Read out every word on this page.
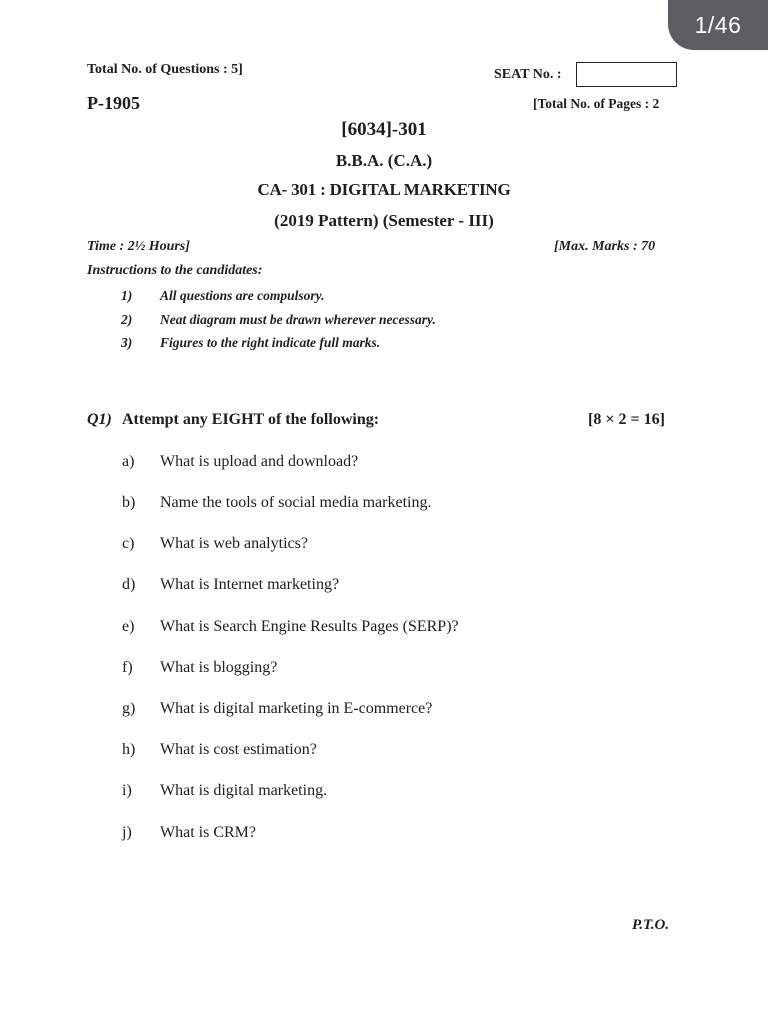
1/46
Total No. of Questions : 5]	SEAT No. :
P-1905	[Total No. of Pages : 2
[6034]-301
B.B.A. (C.A.)
CA- 301 : DIGITAL MARKETING
(2019 Pattern) (Semester - III)
Time : 2½ Hours]	[Max. Marks : 70
Instructions to the candidates:
1) All questions are compulsory.
2) Neat diagram must be drawn wherever necessary.
3) Figures to the right indicate full marks.
Q1) Attempt any EIGHT of the following:	[8 × 2 = 16]
a) What is upload and download?
b) Name the tools of social media marketing.
c) What is web analytics?
d) What is Internet marketing?
e) What is Search Engine Results Pages (SERP)?
f) What is blogging?
g) What is digital marketing in E-commerce?
h) What is cost estimation?
i) What is digital marketing.
j) What is CRM?
P.T.O.
